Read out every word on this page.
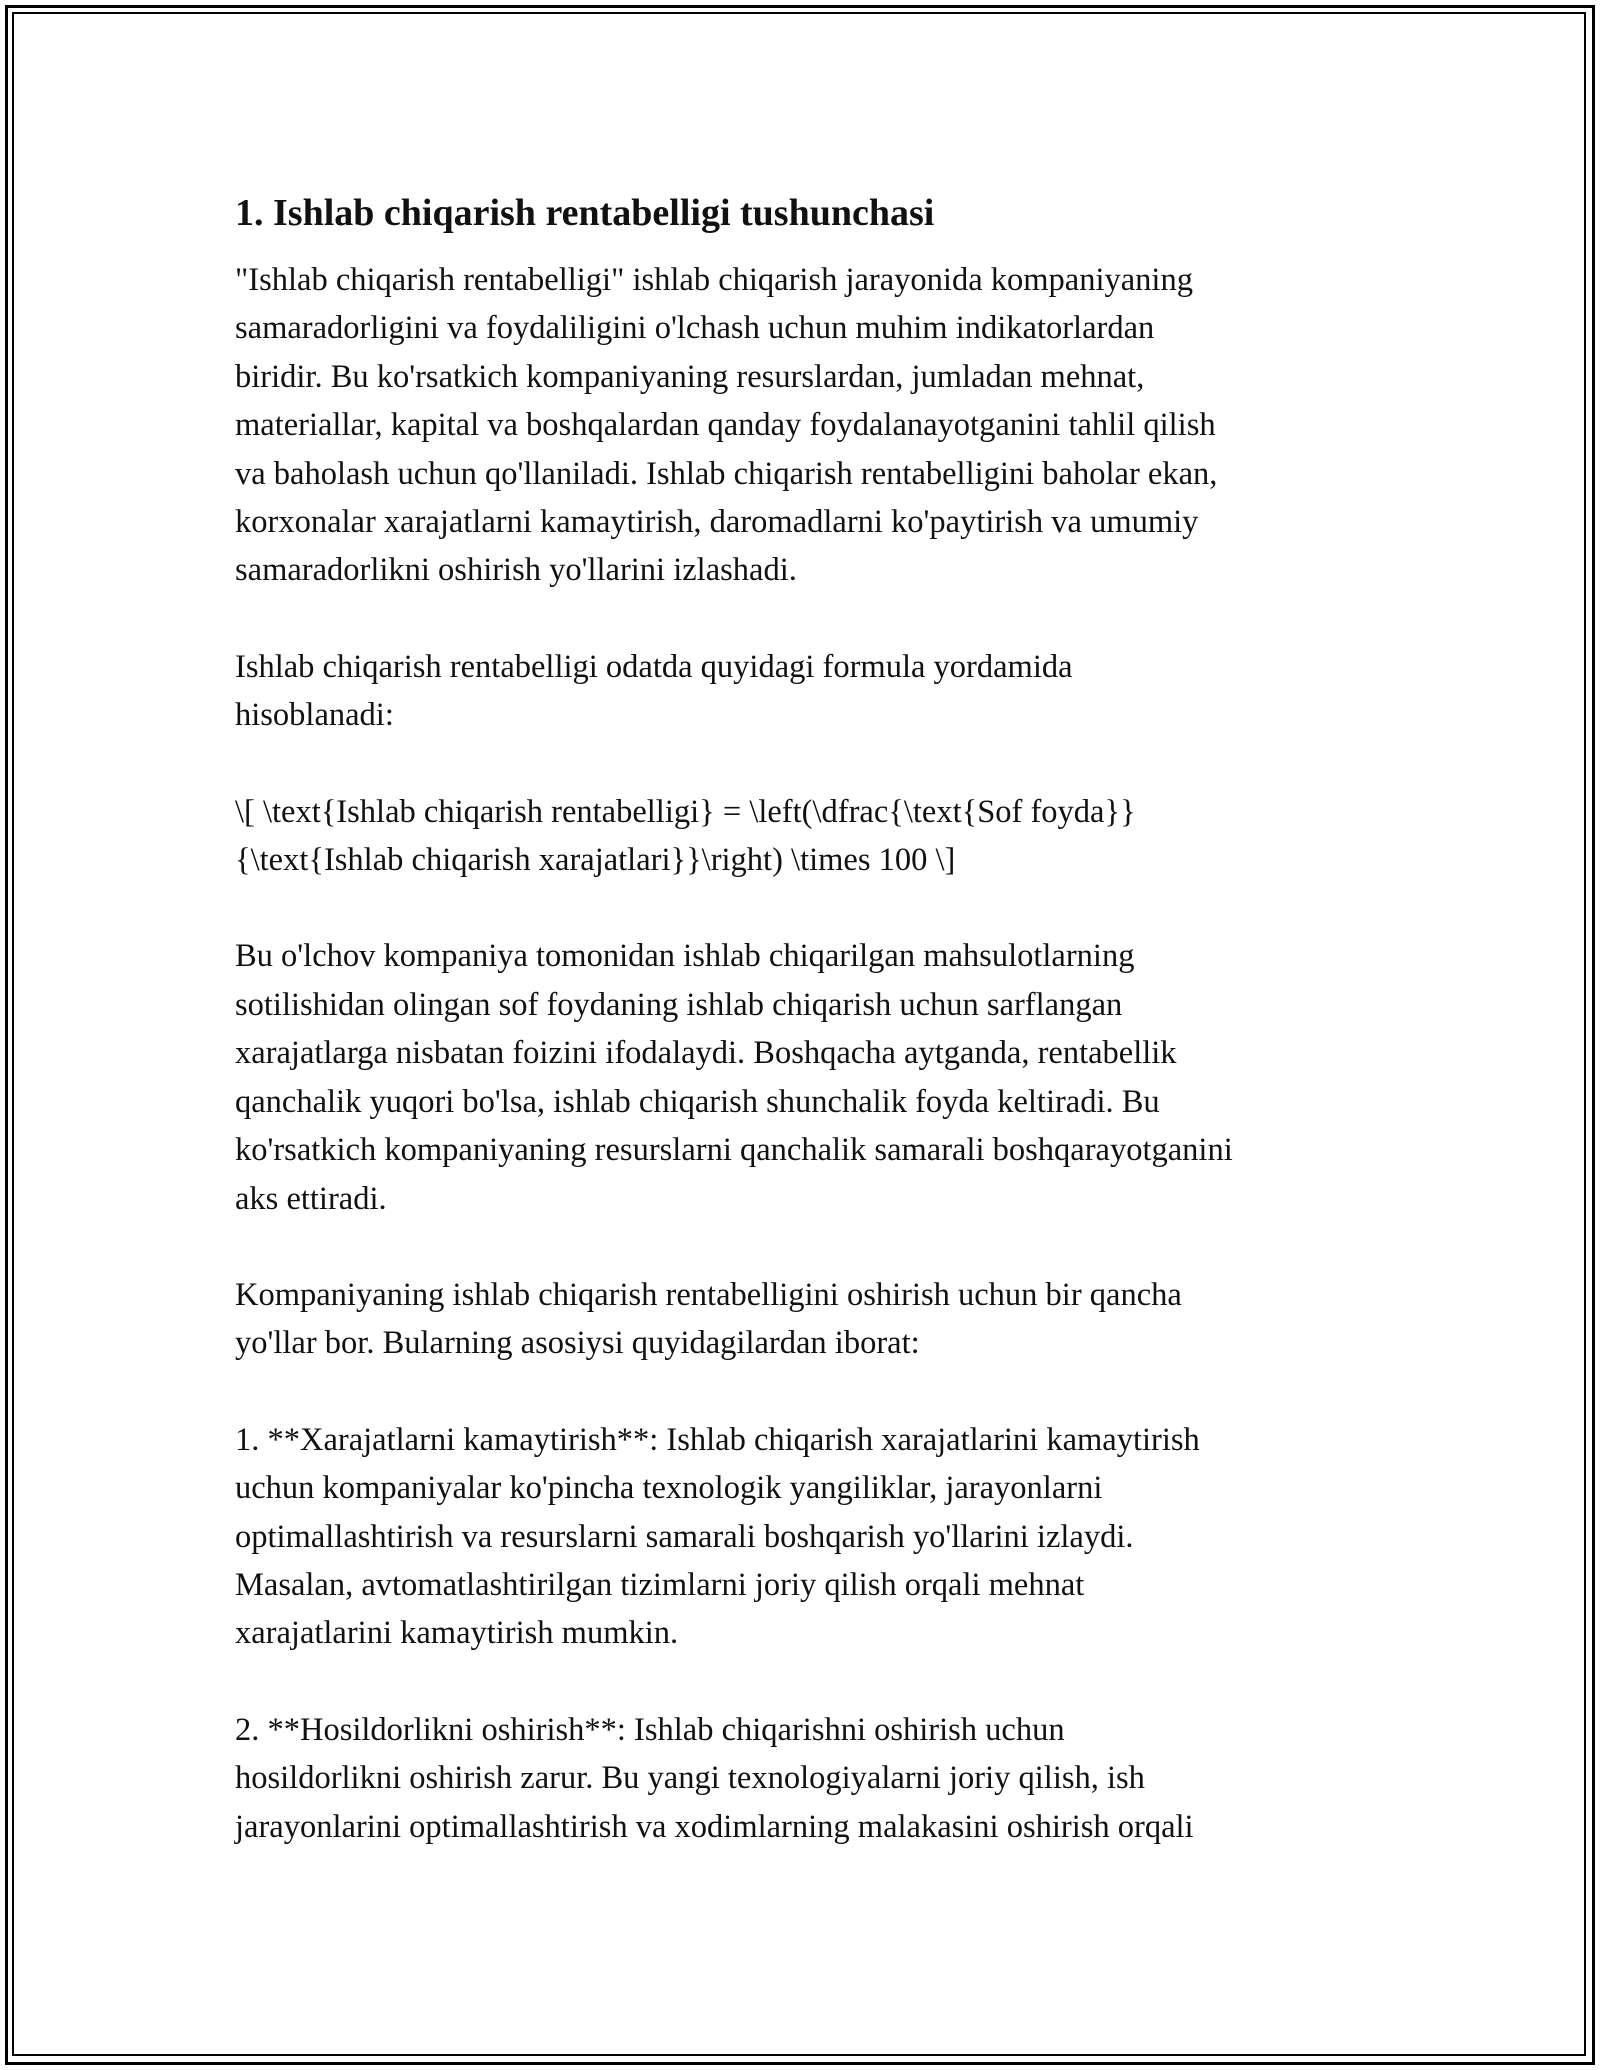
1. Ishlab chiqarish rentabelligi tushunchasi

"Ishlab chiqarish rentabelligi" ishlab chiqarish jarayonida kompaniyaning
samaradorligini va foydaliligini o'lchash uchun muhim indikatorlardan
biridir. Bu ko'rsatkich kompaniyaning resurslardan, jumladan mehnat,
materiallar, kapital va boshqalardan qanday foydalanayotganini tahlil qilish
va baholash uchun qo'llaniladi. Ishlab chiqarish rentabelligini baholar ekan,
korxonalar xarajatlarni kamaytirish, daromadlarni ko'paytirish va umumiy
samaradorlikni oshirish yo'llarini izlashadi.

Ishlab chiqarish rentabelligi odatda quyidagi formula yordamida
hisoblanadi:

\[ \text{Ishlab chiqarish rentabelligi} = \left(\dfrac{\text{Sof foyda}}
{\text{Ishlab chiqarish xarajatlari}}\right) \times 100 \]

Bu o'lchov kompaniya tomonidan ishlab chiqarilgan mahsulotlarning
sotilishidan olingan sof foydaning ishlab chiqarish uchun sarflangan
xarajatlarga nisbatan foizini ifodalaydi. Boshqacha aytganda, rentabellik
qanchalik yuqori bo'lsa, ishlab chiqarish shunchalik foyda keltiradi. Bu
ko'rsatkich kompaniyaning resurslarni qanchalik samarali boshqarayotganini
aks ettiradi.

Kompaniyaning ishlab chiqarish rentabelligini oshirish uchun bir qancha
yo'llar bor. Bularning asosiysi quyidagilardan iborat:

1. **Xarajatlarni kamaytirish**: Ishlab chiqarish xarajatlarini kamaytirish
uchun kompaniyalar ko'pincha texnologik yangiliklar, jarayonlarni
optimallashtirish va resurslarni samarali boshqarish yo'llarini izlaydi.
Masalan, avtomatlashtirilgan tizimlarni joriy qilish orqali mehnat
xarajatlarini kamaytirish mumkin.

2. **Hosildorlikni oshirish**: Ishlab chiqarishni oshirish uchun
hosildorlikni oshirish zarur. Bu yangi texnologiyalarni joriy qilish, ish
jarayonlarini optimallashtirish va xodimlarning malakasini oshirish orqali
